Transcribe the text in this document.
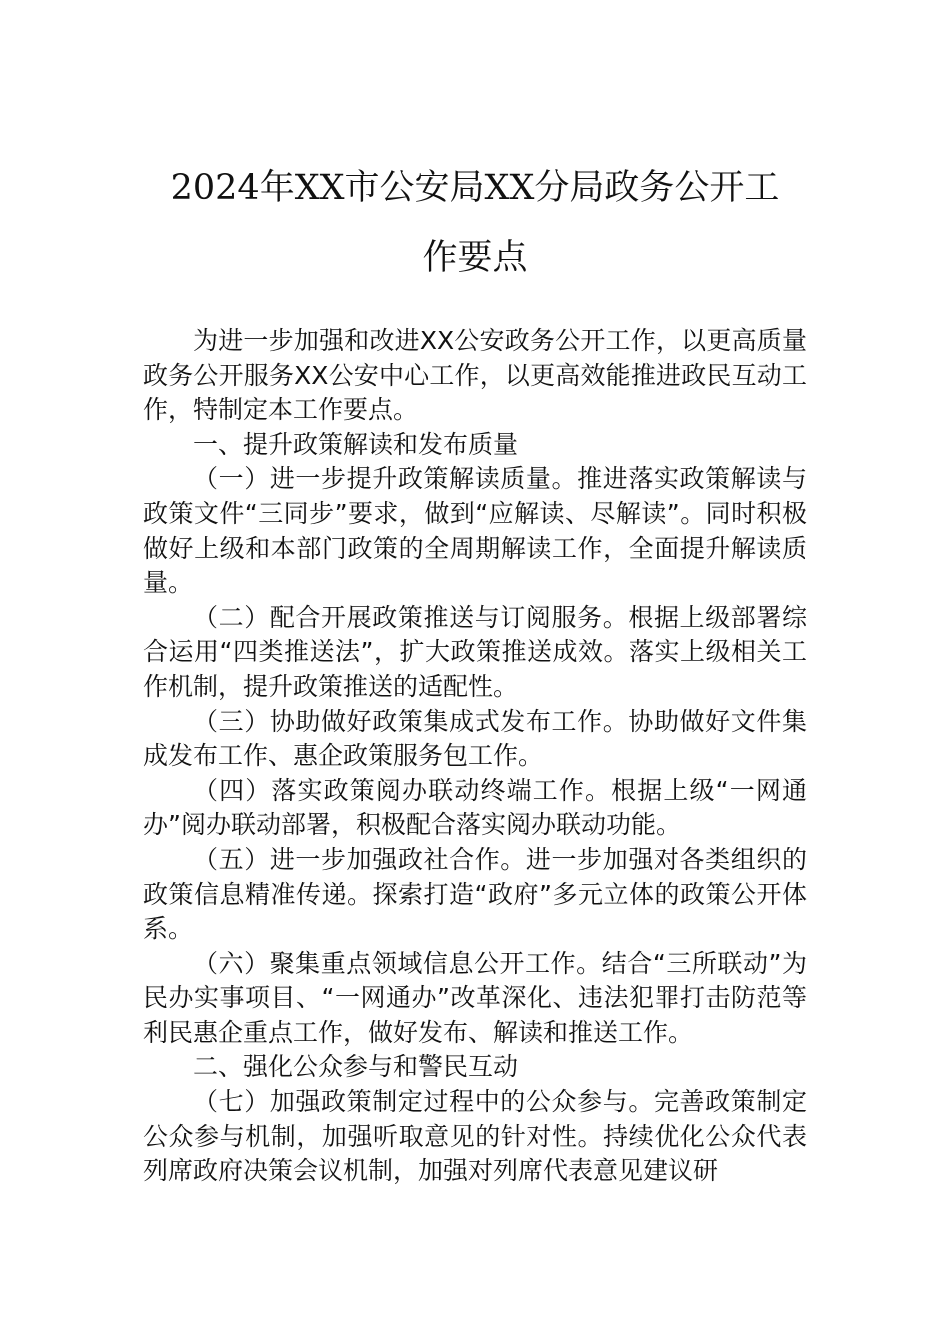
2024年XX市公安局XX分局政务公开工
作要点

为进一步加强和改进XX公安政务公开工作，以更高质量政务公开服务XX公安中心工作，以更高效能推进政民互动工作，特制定本工作要点。

一、提升政策解读和发布质量

（一）进一步提升政策解读质量。推进落实政策解读与政策文件“三同步”要求，做到“应解读、尽解读”。同时积极做好上级和本部门政策的全周期解读工作，全面提升解读质量。

（二）配合开展政策推送与订阅服务。根据上级部署综合运用“四类推送法”，扩大政策推送成效。落实上级相关工作机制，提升政策推送的适配性。

（三）协助做好政策集成式发布工作。协助做好文件集成发布工作、惠企政策服务包工作。

（四）落实政策阅办联动终端工作。根据上级“一网通办”阅办联动部署，积极配合落实阅办联动功能。

（五）进一步加强政社合作。进一步加强对各类组织的政策信息精准传递。探索打造“政府”多元立体的政策公开体系。

（六）聚集重点领域信息公开工作。结合“三所联动”为民办实事项目、“一网通办”改革深化、违法犯罪打击防范等利民惠企重点工作，做好发布、解读和推送工作。

二、强化公众参与和警民互动

（七）加强政策制定过程中的公众参与。完善政策制定公众参与机制，加强听取意见的针对性。持续优化公众代表列席政府决策会议机制，加强对列席代表意见建议研
